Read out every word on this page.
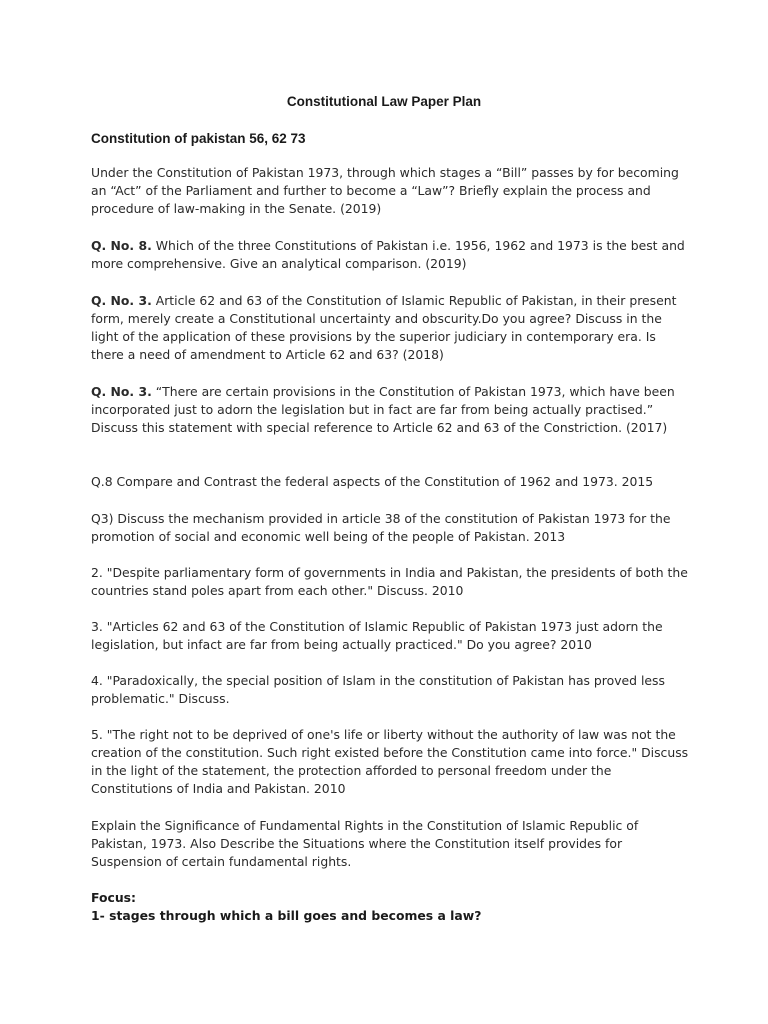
Constitutional Law Paper Plan
Constitution of pakistan 56, 62 73

Under the Constitution of Pakistan 1973, through which stages a “Bill” passes by for becoming an “Act” of the Parliament and further to become a “Law”? Briefly explain the process and procedure of law-making in the Senate. (2019)

Q. No. 8. Which of the three Constitutions of Pakistan i.e. 1956, 1962 and 1973 is the best and more comprehensive. Give an analytical comparison. (2019)

Q. No. 3. Article 62 and 63 of the Constitution of Islamic Republic of Pakistan, in their present form, merely create a Constitutional uncertainty and obscurity.Do you agree? Discuss in the light of the application of these provisions by the superior judiciary in contemporary era. Is there a need of amendment to Article 62 and 63? (2018)

Q. No. 3. “There are certain provisions in the Constitution of Pakistan 1973, which have been incorporated just to adorn the legislation but in fact are far from being actually practised.” Discuss this statement with special reference to Article 62 and 63 of the Constriction. (2017)

Q.8 Compare and Contrast the federal aspects of the Constitution of 1962 and 1973. 2015

Q3) Discuss the mechanism provided in article 38 of the constitution of Pakistan 1973 for the promotion of social and economic well being of the people of Pakistan. 2013

2. "Despite parliamentary form of governments in India and Pakistan, the presidents of both the countries stand poles apart from each other." Discuss. 2010

3. "Articles 62 and 63 of the Constitution of Islamic Republic of Pakistan 1973 just adorn the legislation, but infact are far from being actually practiced." Do you agree? 2010

4. "Paradoxically, the special position of Islam in the constitution of Pakistan has proved less problematic." Discuss.

5. "The right not to be deprived of one's life or liberty without the authority of law was not the creation of the constitution. Such right existed before the Constitution came into force." Discuss in the light of the statement, the protection afforded to personal freedom under the Constitutions of India and Pakistan. 2010

Explain the Significance of Fundamental Rights in the Constitution of Islamic Republic of Pakistan, 1973. Also Describe the Situations where the Constitution itself provides for Suspension of certain fundamental rights.

Focus:
1- stages through which a bill goes and becomes a law?
